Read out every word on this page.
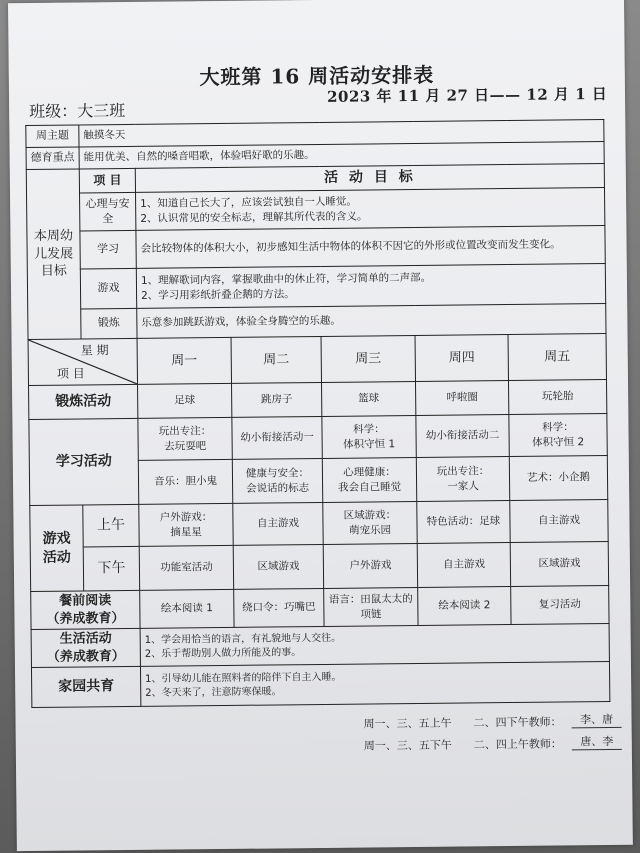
大班第 16 周活动安排表
2023 年 11 月 27 日—— 12 月 1 日
班级：大三班
周主题	触摸冬天					
德育重点	能用优美、自然的嗓音唱歌，体验唱好歌的乐趣。					
本周幼儿发展目标	项 目	活 动 目 标				
	心理与安全	1、知道自己长大了，应该尝试独自一人睡觉。
2、认识常见的安全标志，理解其所代表的含义。				
	学习	会比较物体的体积大小，初步感知生活中物体的体积不因它的外形或位置改变而发生变化。				
	游戏	1、理解歌词内容，掌握歌曲中的休止符，学习简单的二声部。
2、学习用彩纸折叠企鹅的方法。				
	锻炼	乐意参加跳跃游戏，体验全身腾空的乐趣。				

星 期
项 目		周一	周二	周三	周四	周五
锻炼活动		足球	跳房子	篮球	呼啦圈	玩轮胎
学习活动		玩出专注：
去玩耍吧	幼小衔接活动一	科学：
体积守恒 1	幼小衔接活动二	科学：
体积守恒 2
		音乐：胆小鬼	健康与安全：
会说话的标志	心理健康：
我会自己睡觉	玩出专注：
一家人	艺术：小企鹅
游戏活动	上午	户外游戏：
摘星星	自主游戏	区域游戏：
萌宠乐园	特色活动：足球	自主游戏
	下午	功能室活动	区域游戏	户外游戏	自主游戏	区域游戏
餐前阅读
（养成教育）		绘本阅读 1	绕口令：巧嘴巴	语言：田鼠太太的
项链	绘本阅读 2	复习活动
生活活动
（养成教育）		1、学会用恰当的语言，有礼貌地与人交往。
2、乐于帮助别人做力所能及的事。				
家园共育		1、引导幼儿能在照料者的陪伴下自主入睡。
2、冬天来了，注意防寒保暖。				
周一、三、五上午　　二、四下午教师：	李、唐
周一、三、五下午　　二、四上午教师：	唐、李
